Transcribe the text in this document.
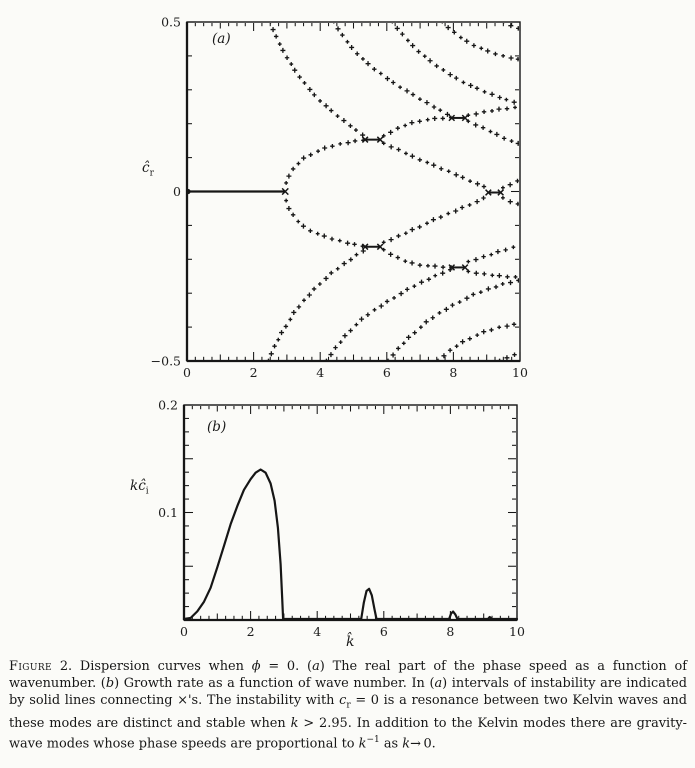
0	2	4	6	8	10
0.5
0
−0.5
0	2	4	6	8	10
0.2
0.1
(a)
$ĉ_r$
(b)
$kĉ_i$
k̂
Figure 2. Dispersion curves when ϕ = 0. (a) The real part of the phase speed as a function of wavenumber. (b) Growth rate as a function of wave number. In (a) intervals of instability are indicated by solid lines connecting ×'s. The instability with $c_r = 0$ is a resonance between two Kelvin waves and these modes are distinct and stable when k > 2.95. In addition to the Kelvin modes there are gravity-wave modes whose phase speeds are proportional to $k^{-1}$ as k→ 0.
